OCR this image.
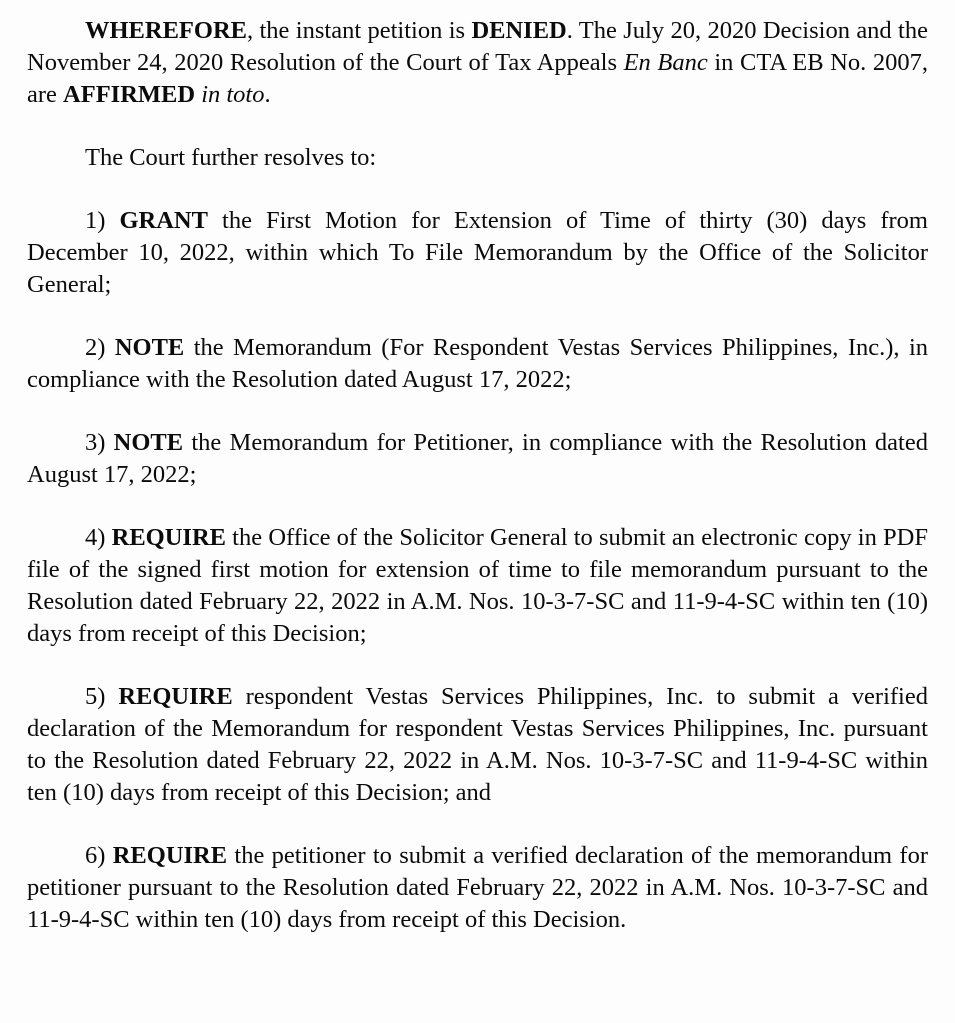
WHEREFORE, the instant petition is DENIED. The July 20, 2020 Decision and the November 24, 2020 Resolution of the Court of Tax Appeals En Banc in CTA EB No. 2007, are AFFIRMED in toto.

The Court further resolves to:

1) GRANT the First Motion for Extension of Time of thirty (30) days from December 10, 2022, within which To File Memorandum by the Office of the Solicitor General;

2) NOTE the Memorandum (For Respondent Vestas Services Philippines, Inc.), in compliance with the Resolution dated August 17, 2022;

3) NOTE the Memorandum for Petitioner, in compliance with the Resolution dated August 17, 2022;

4) REQUIRE the Office of the Solicitor General to submit an electronic copy in PDF file of the signed first motion for extension of time to file memorandum pursuant to the Resolution dated February 22, 2022 in A.M. Nos. 10-3-7-SC and 11-9-4-SC within ten (10) days from receipt of this Decision;

5) REQUIRE respondent Vestas Services Philippines, Inc. to submit a verified declaration of the Memorandum for respondent Vestas Services Philippines, Inc. pursuant to the Resolution dated February 22, 2022 in A.M. Nos. 10-3-7-SC and 11-9-4-SC within ten (10) days from receipt of this Decision; and

6) REQUIRE the petitioner to submit a verified declaration of the memorandum for petitioner pursuant to the Resolution dated February 22, 2022 in A.M. Nos. 10-3-7-SC and 11-9-4-SC within ten (10) days from receipt of this Decision.
